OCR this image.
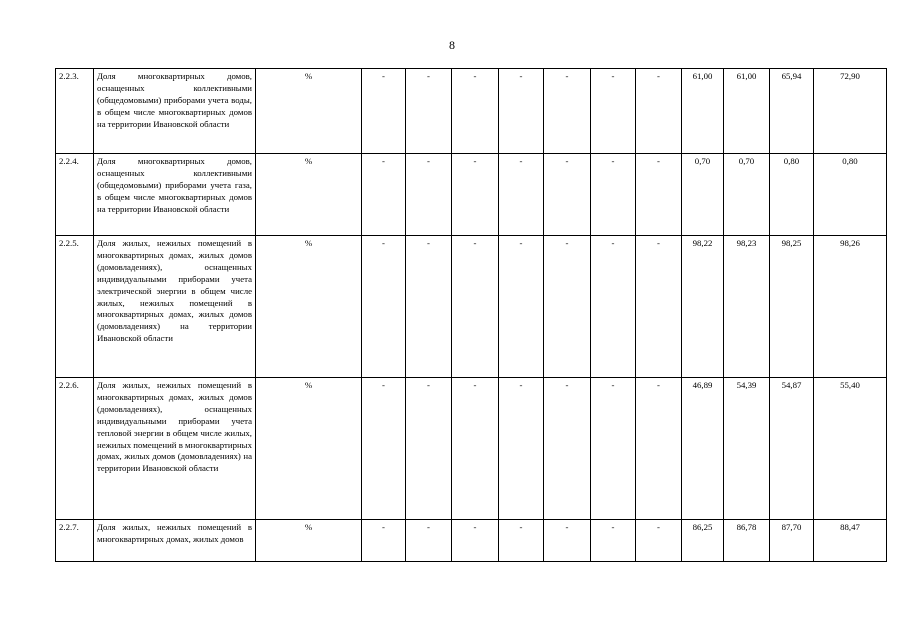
8
2.2.3.	Доля многоквартирных домов, оснащенных коллективными (общедомовыми) приборами учета воды, в общем числе многоквартирных домов на территории Ивановской области	%	-	-	-	-	-	-	-	61,00	61,00	65,94	72,90
2.2.4.	Доля многоквартирных домов, оснащенных коллективными (общедомовыми) приборами учета газа, в общем числе многоквартирных домов на территории Ивановской области	%	-	-	-	-	-	-	-	0,70	0,70	0,80	0,80
2.2.5.	Доля жилых, нежилых помещений в многоквартирных домах, жилых домов (домовладениях), оснащенных индивидуальными приборами учета электрической энергии в общем числе жилых, нежилых помещений в многоквартирных домах, жилых домов (домовладениях) на территории Ивановской области	%	-	-	-	-	-	-	-	98,22	98,23	98,25	98,26
2.2.6.	Доля жилых, нежилых помещений в многоквартирных домах, жилых домов (домовладениях), оснащенных индивидуальными приборами учета тепловой энергии в общем числе жилых, нежилых помещений в многоквартирных домах, жилых домов (домовладениях) на территории Ивановской области	%	-	-	-	-	-	-	-	46,89	54,39	54,87	55,40
2.2.7.	Доля жилых, нежилых помещений в многоквартирных домах, жилых домов	%	-	-	-	-	-	-	-	86,25	86,78	87,70	88,47
